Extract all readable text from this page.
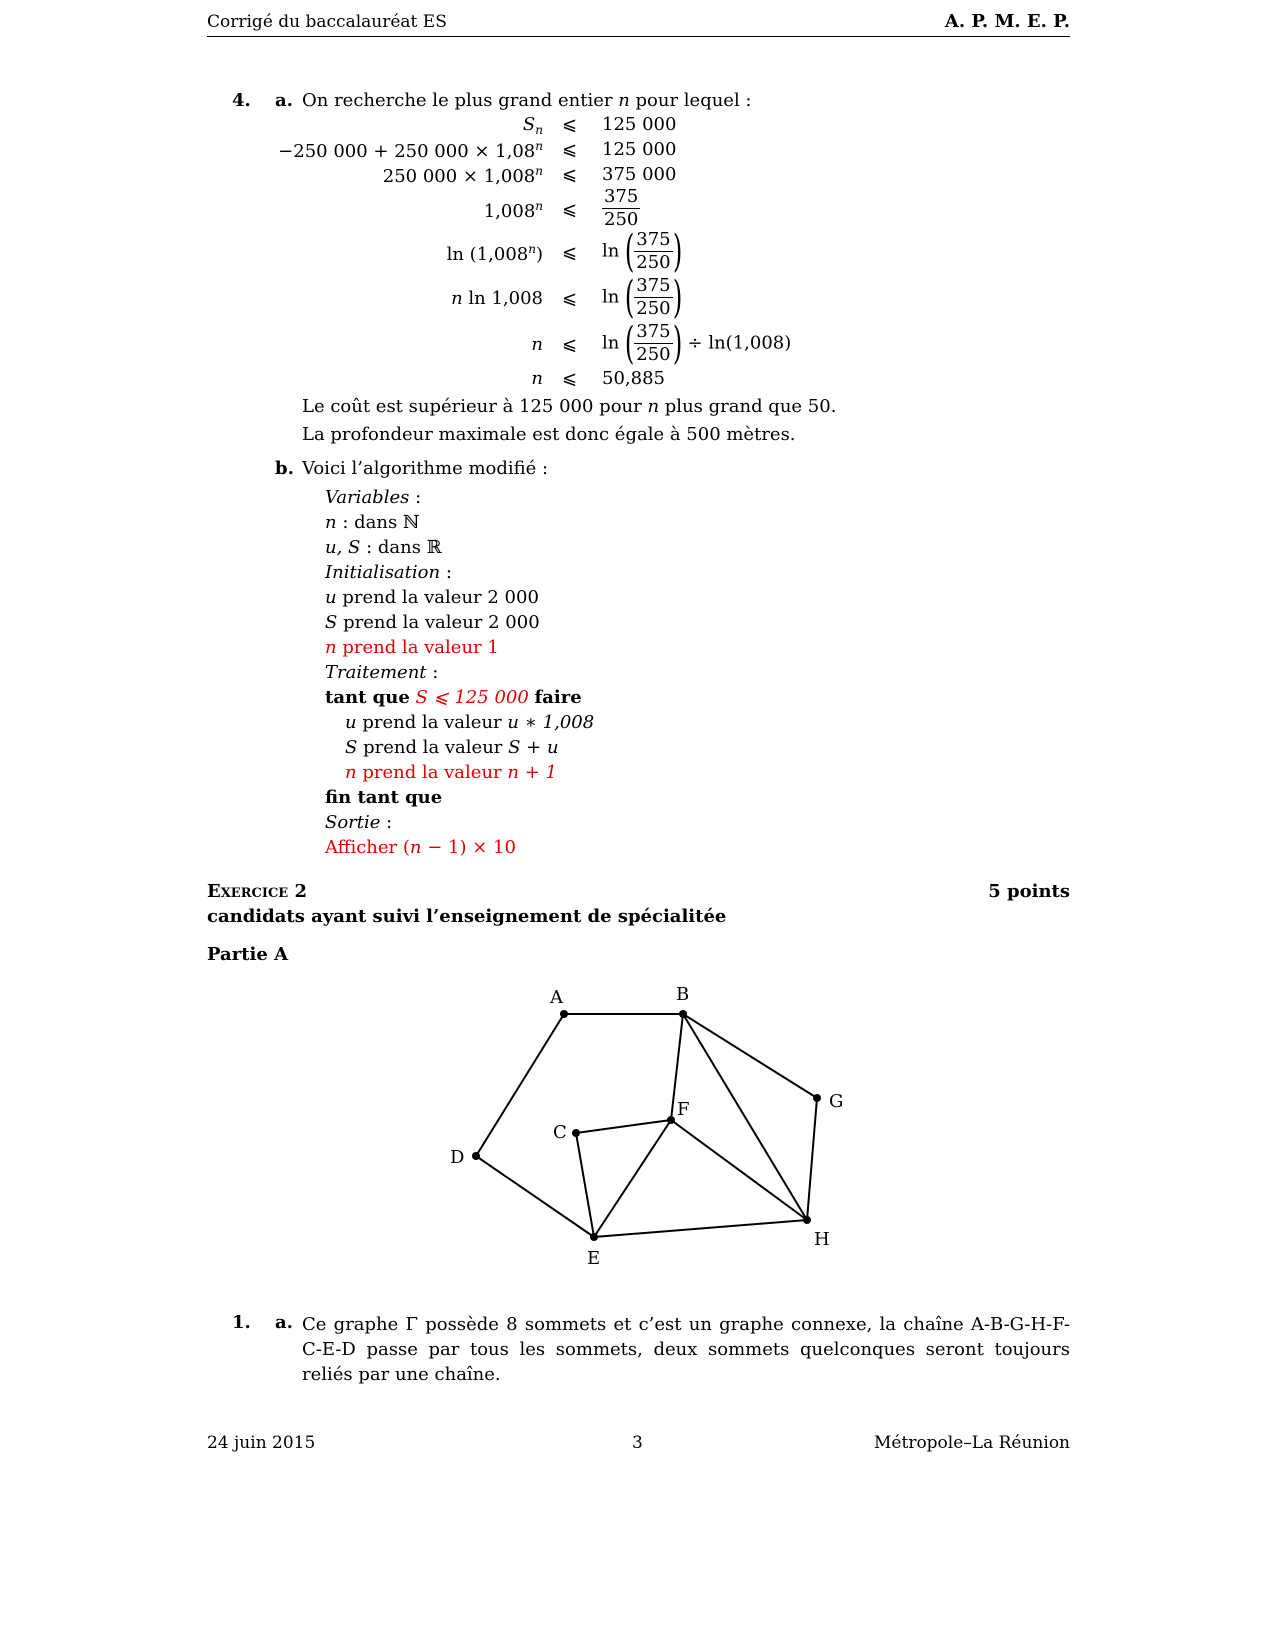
Corrigé du baccalauréat ES	A. P. M. E. P.
4. a. On recherche le plus grand entier n pour lequel :
$S_n$ ⩽ 125 000
−250 000 + 250 $000 \times 1,08^n$ ⩽ 125 000
250 $000 \times 1,008^n$ ⩽ 375 000
1,008$^n$ ⩽ $\frac{375}{250}$
ln (1,008$^n$) ⩽ ln ( $\frac{375}{250}$ )
n ln 1,008 ⩽ ln ( $\frac{375}{250}$ )
n ⩽ ln ( $\frac{375}{250}$ ) ÷ ln(1,008)
n ⩽ 50,885
Le coût est supérieur à 125 000 pour n plus grand que 50.
La profondeur maximale est donc égale à 500 mètres.
b. Voici l’algorithme modifié :
Variables :
n : dans ℕ
u, S : dans ℝ
Initialisation :
u prend la valeur 2 000
S prend la valeur 2 000
n prend la valeur 1
Traitement :
tant que S ⩽ 125 000 faire
u prend la valeur u ∗ 1,008
S prend la valeur S + u
n prend la valeur n + 1
fin tant que
Sortie :
Afficher (n − 1) × 10
Exercice 2	5 points
candidats ayant suivi l’enseignement de spécialitée
Partie A
A	B
C
D
E
F	G
H
1. a. Ce graphe Γ possède 8 sommets et c’est un graphe connexe, la chaîne A-B-G-H-F-C-E-D passe par tous les sommets, deux sommets quelconques seront toujours reliés par une chaîne.
24 juin 2015	3	Métropole–La Réunion
